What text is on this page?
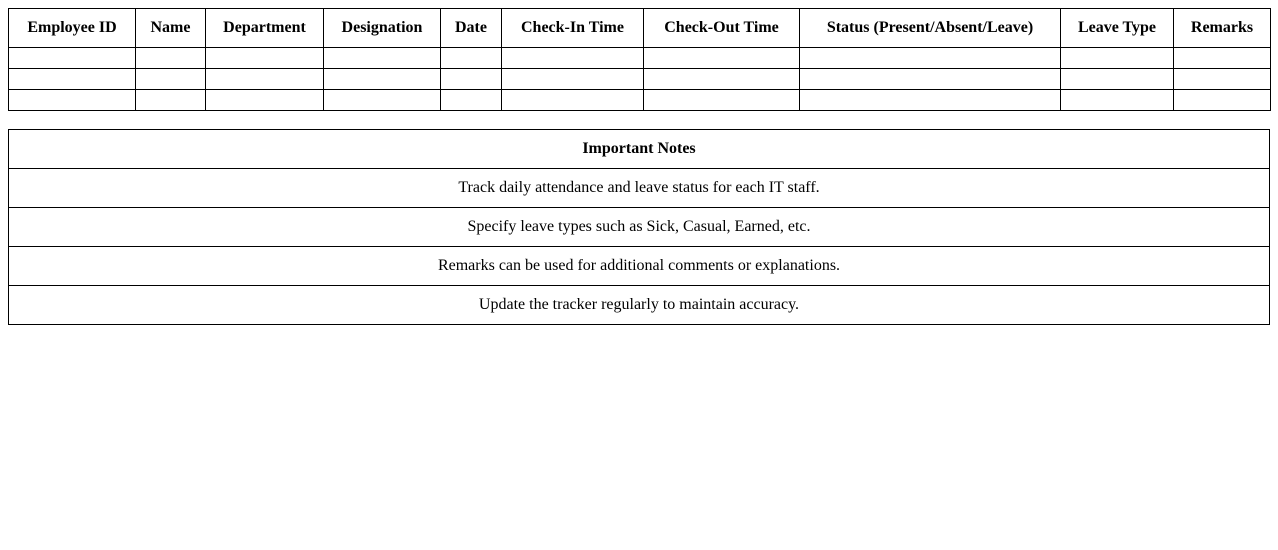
Employee ID	Name	Department	Designation	Date	Check-In Time	Check-Out Time	Status (Present/Absent/Leave)	Leave Type	Remarks

Important Notes
Track daily attendance and leave status for each IT staff.
Specify leave types such as Sick, Casual, Earned, etc.
Remarks can be used for additional comments or explanations.
Update the tracker regularly to maintain accuracy.
